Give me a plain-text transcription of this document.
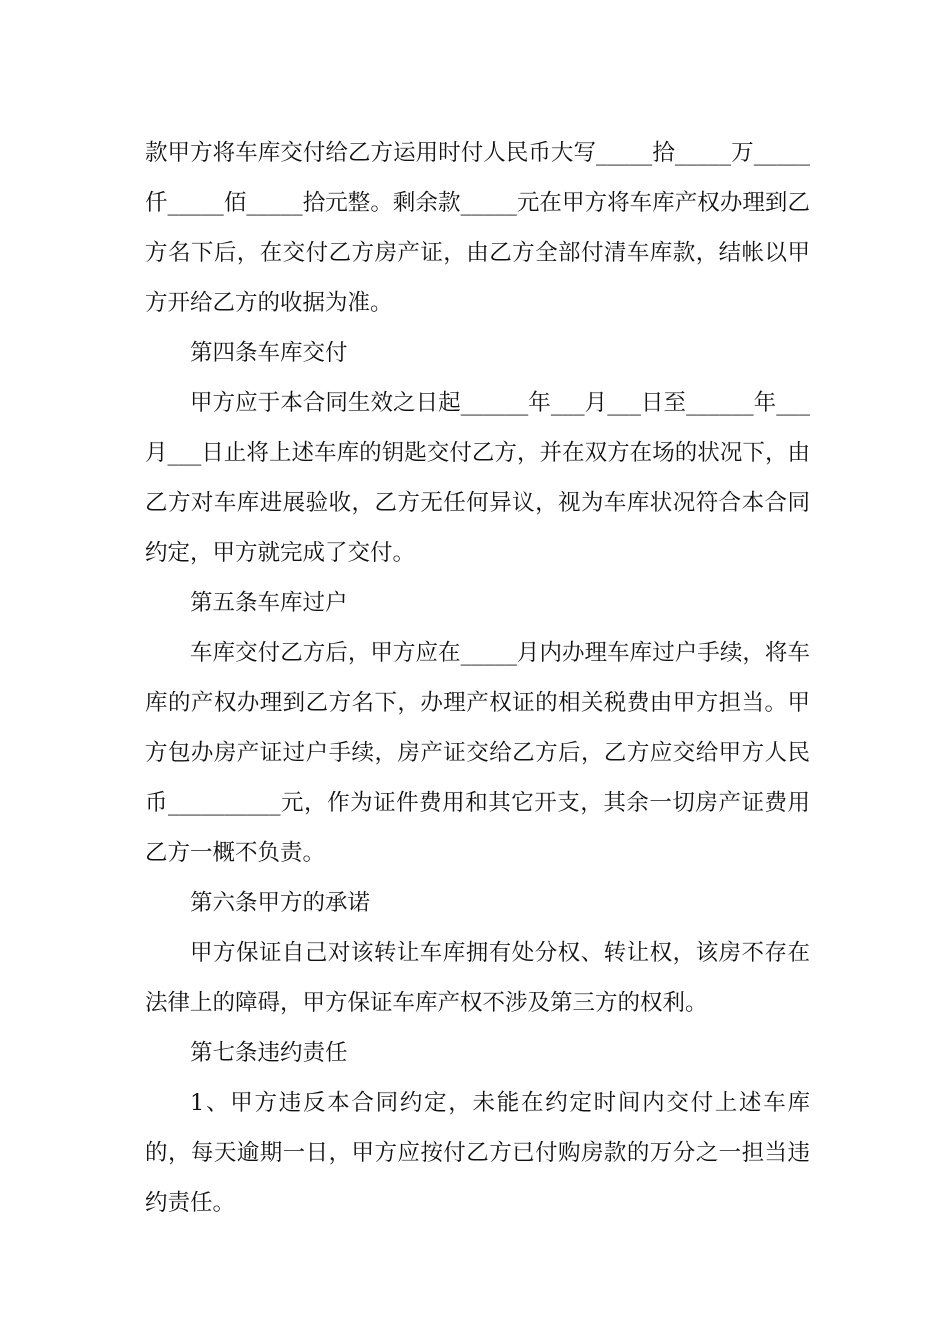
款甲方将车库交付给乙方运用时付人民币大写_____拾_____万_____仟_____佰_____拾元整。剩余款_____元在甲方将车库产权办理到乙方名下后，在交付乙方房产证，由乙方全部付清车库款，结帐以甲方开给乙方的收据为准。

第四条车库交付

甲方应于本合同生效之日起______年___月___日至______年___月___日止将上述车库的钥匙交付乙方，并在双方在场的状况下，由乙方对车库进展验收，乙方无任何异议，视为车库状况符合本合同约定，甲方就完成了交付。

第五条车库过户

车库交付乙方后，甲方应在_____月内办理车库过户手续，将车库的产权办理到乙方名下，办理产权证的相关税费由甲方担当。甲方包办房产证过户手续，房产证交给乙方后，乙方应交给甲方人民币__________元，作为证件费用和其它开支，其余一切房产证费用乙方一概不负责。

第六条甲方的承诺

甲方保证自己对该转让车库拥有处分权、转让权，该房不存在法律上的障碍，甲方保证车库产权不涉及第三方的权利。

第七条违约责任

1、甲方违反本合同约定，未能在约定时间内交付上述车库的，每天逾期一日，甲方应按付乙方已付购房款的万分之一担当违约责任。
